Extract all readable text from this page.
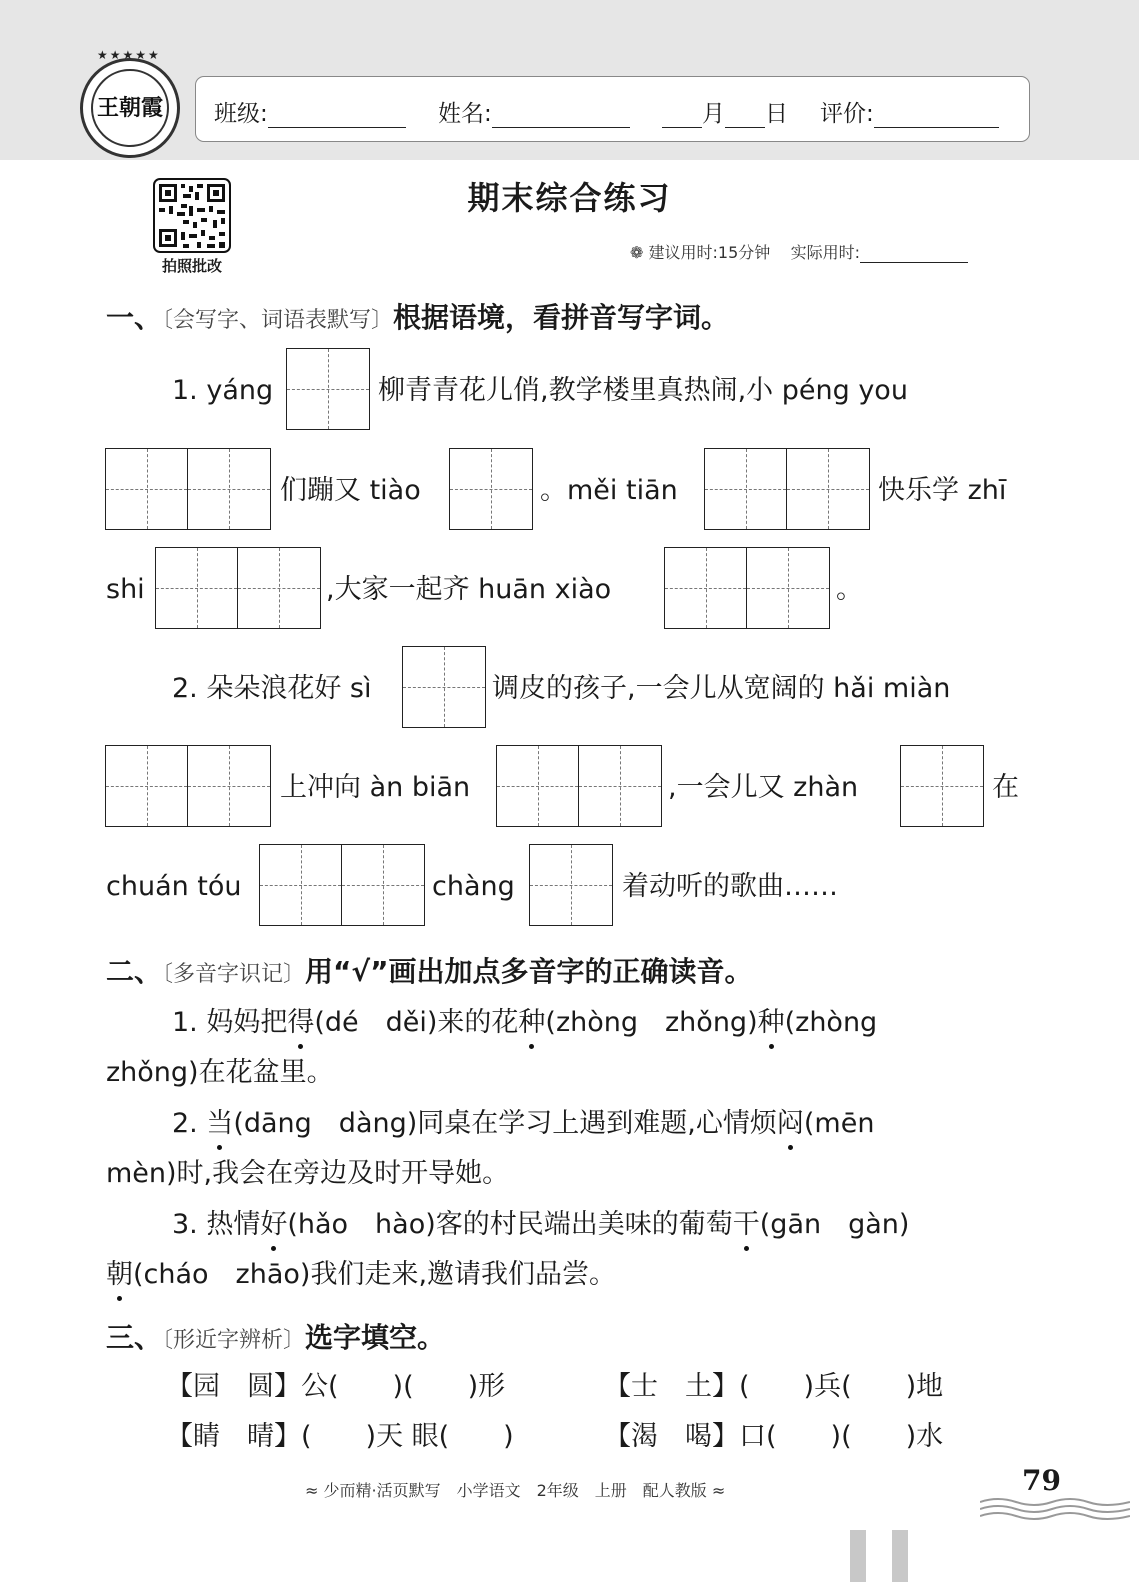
★★★★★
王朝霞 班级:	姓名:	月 日 评价:
拍照批改
期末综合练习
❁ 建议用时:15分钟 实际用时:
一、〔会写字、词语表默写〕根据语境，看拼音写字词。
1. yáng	柳青青花儿俏,教学楼里真热闹,小 péng you
们蹦又 tiào	。měi tiān	快乐学 zhī
shi	,大家一起齐 huān xiào	。
2. 朵朵浪花好 sì	调皮的孩子,一会儿从宽阔的 hǎi miàn
上冲向 àn biān	,一会儿又 zhàn	在
chuán tóu	chàng	着动听的歌曲……
二、〔多音字识记〕用“√”画出加点多音字的正确读音。
1. 妈妈把得(dé　děi)来的花种(zhòng　zhǒng)种(zhòng
zhǒng)在花盆里。
2. 当(dāng　dàng)同桌在学习上遇到难题,心情烦闷(mēn
mèn)时,我会在旁边及时开导她。
3. 热情好(hǎo　hào)客的村民端出美味的葡萄干(gān　gàn)
朝(cháo　zhāo)我们走来,邀请我们品尝。
三、〔形近字辨析〕选字填空。
【园　圆】公(　　)(　　)形	【士　土】(　　)兵(　　)地
【睛　晴】(　　)天 眼(　　)	【渴　喝】口(　　)(　　)水
≈ 少而精·活页默写　小学语文　2年级　上册　配人教版 ≈	79
